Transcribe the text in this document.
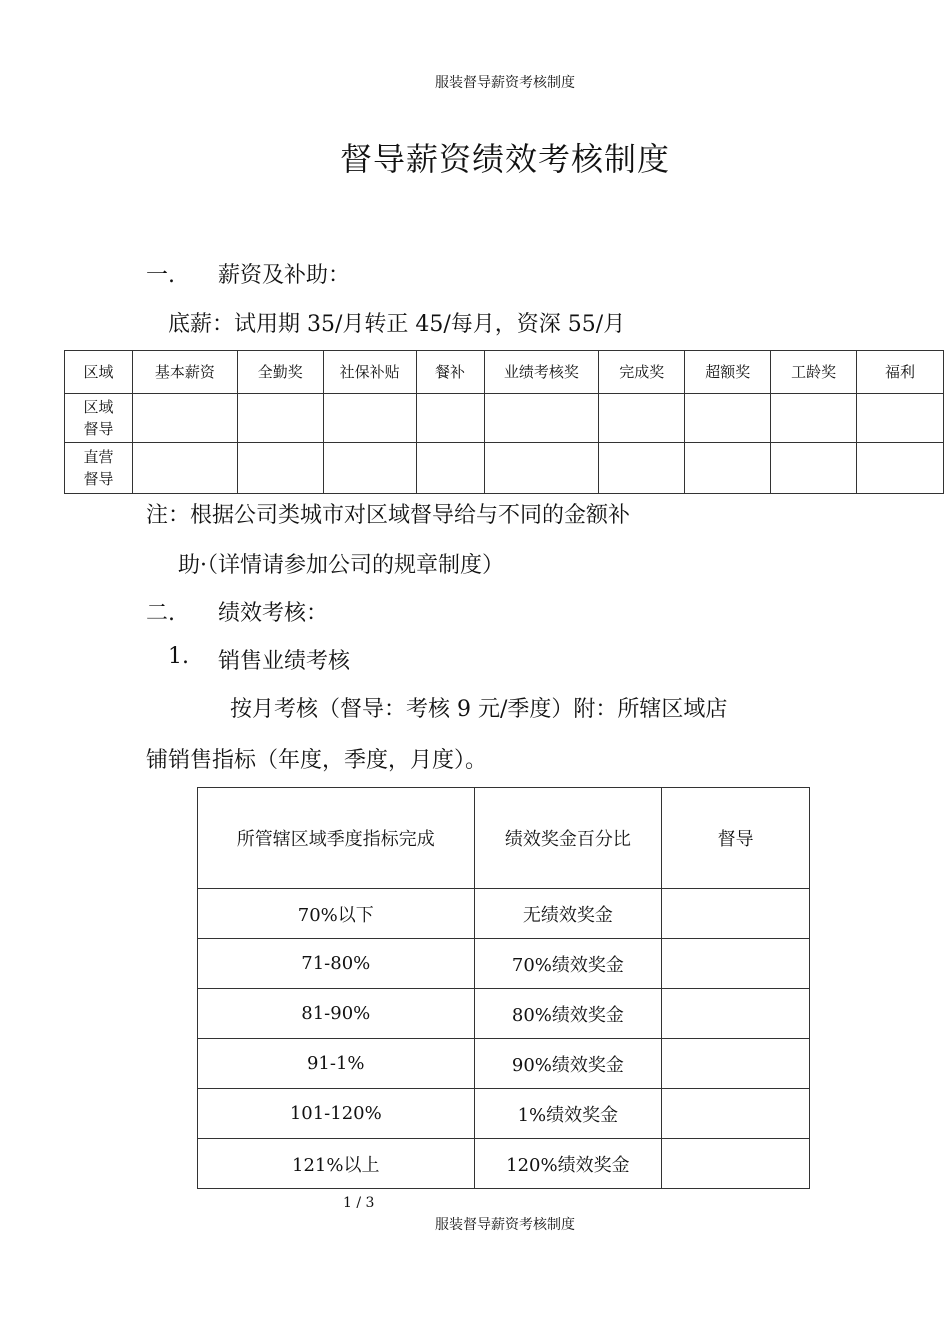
服装督导薪资考核制度
督导薪资绩效考核制度
一. 薪资及补助：
底薪：试用期 35/月转正 45/每月，资深 55/月
区域	基本薪资	全勤奖	社保补贴	餐补	业绩考核奖	完成奖	超额奖	工龄奖	福利

区域
督导									

直营
督导									

注：根据公司类城市对区域督导给与不同的金额补
助·（详情请参加公司的规章制度）
二. 绩效考核：
1. 销售业绩考核
按月考核（督导：考核 9 元/季度）附：所辖区域店
铺销售指标（年度，季度，月度）。
所管辖区域季度指标完成	绩效奖金百分比	督导
70%以下	无绩效奖金	
71-80%	70%绩效奖金	
81-90%	80%绩效奖金	
91-1%	90%绩效奖金	
101-120%	1%绩效奖金	
121%以上	120%绩效奖金	
1 / 3
服装督导薪资考核制度
